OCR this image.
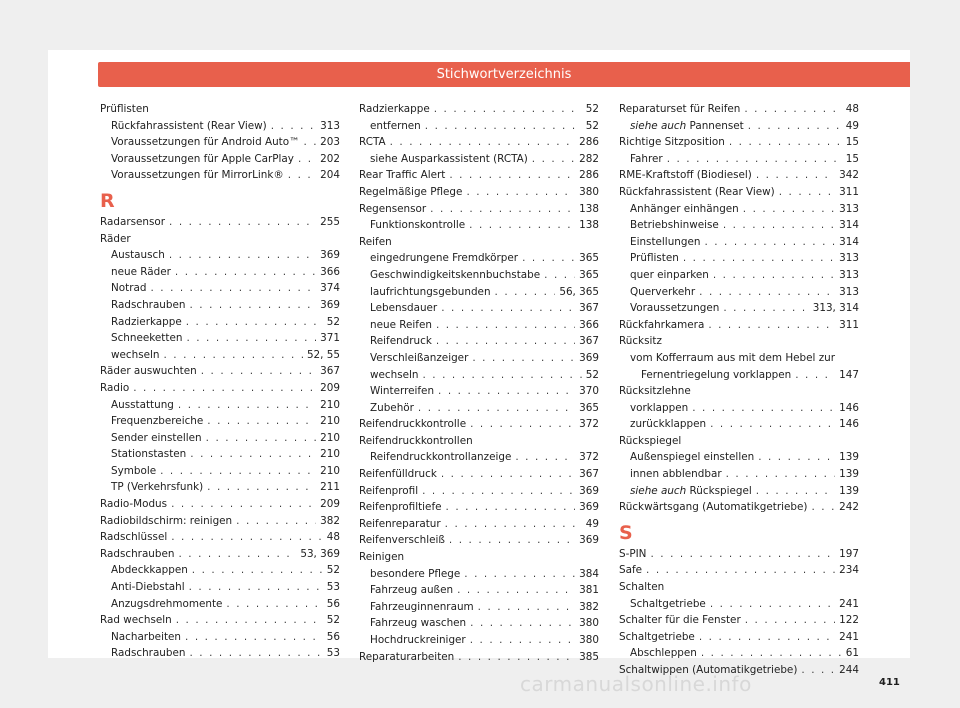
Stichwortverzeichnis
Prüflisten
Rückfahrassistent (Rear View) . . .	313
Voraussetzungen für Android Auto™ . . . 203
Voraussetzungen für Apple CarPlay . . .	202
Voraussetzungen für MirrorLink® . . .	204
R
Radarsensor . . .	255
Räder
Austausch . . .	369
neue Räder . . .	366
Notrad . . .	374
Radschrauben . . .	369
Radzierkappe . . .	52
Schneeketten . . .	371
wechseln . . .	52, 55
Räder auswuchten . . .	367
Radio . . .	209
Ausstattung . . .	210
Frequenzbereiche . . .	210
Sender einstellen . . .	210
Stationstasten . . .	210
Symbole . . .	210
TP (Verkehrsfunk) . . .	211
Radio-Modus . . .	209
Radiobildschirm: reinigen . . .	382
Radschlüssel . . .	48
Radschrauben . . .	53, 369
Abdeckkappen . . .	52
Anti-Diebstahl . . .	53
Anzugsdrehmomente . . .	56
Rad wechseln . . .	52
Nacharbeiten . . .	56
Radschrauben . . .	53
Radzierkappe . . .	52
entfernen . . .	52
RCTA . . .	286
siehe Ausparkassistent (RCTA) . . .	282
Rear Traffic Alert . . .	286
Regelmäßige Pflege . . .	380
Regensensor . . .	138
Funktionskontrolle . . .	138
Reifen
eingedrungene Fremdkörper . . .	365
Geschwindigkeitskennbuchstabe . . .	365
laufrichtungsgebunden . . .	56, 365
Lebensdauer . . .	367
neue Reifen . . .	366
Reifendruck . . .	367
Verschleißanzeiger . . .	369
wechseln . . .	52
Winterreifen . . .	370
Zubehör . . .	365
Reifendruckkontrolle . . .	372
Reifendruckkontrollen
Reifendruckkontrollanzeige . . .	372
Reifenfülldruck . . .	367
Reifenprofil . . .	369
Reifenprofiltiefe . . .	369
Reifenreparatur . . .	49
Reifenverschleiß . . .	369
Reinigen
besondere Pflege . . .	384
Fahrzeug außen . . .	381
Fahrzeuginnenraum . . .	382
Fahrzeug waschen . . .	380
Hochdruckreiniger . . .	380
Reparaturarbeiten . . .	385
Reparaturset für Reifen . . .	48
siehe auch Pannenset . . .	49
Richtige Sitzposition . . .	15
Fahrer . . .	15
RME-Kraftstoff (Biodiesel) . . .	342
Rückfahrassistent (Rear View) . . .	311
Anhänger einhängen . . .	313
Betriebshinweise . . .	314
Einstellungen . . .	314
Prüflisten . . .	313
quer einparken . . .	313
Querverkehr . . .	313
Voraussetzungen . . .	313, 314
Rückfahrkamera . . .	311
Rücksitz
vom Kofferraum aus mit dem Hebel zur
Fernentriegelung vorklappen . . .	147
Rücksitzlehne
vorklappen . . .	146
zurückklappen . . .	146
Rückspiegel
Außenspiegel einstellen . . .	139
innen abblendbar . . .	139
siehe auch Rückspiegel . . .	139
Rückwärtsgang (Automatikgetriebe) . . .	242
S
S-PIN . . .	197
Safe . . .	234
Schalten
Schaltgetriebe . . .	241
Schalter für die Fenster . . .	122
Schaltgetriebe . . .	241
Abschleppen . . .	61
Schaltwippen (Automatikgetriebe) . . .	244
411
carmanualsonline.info
